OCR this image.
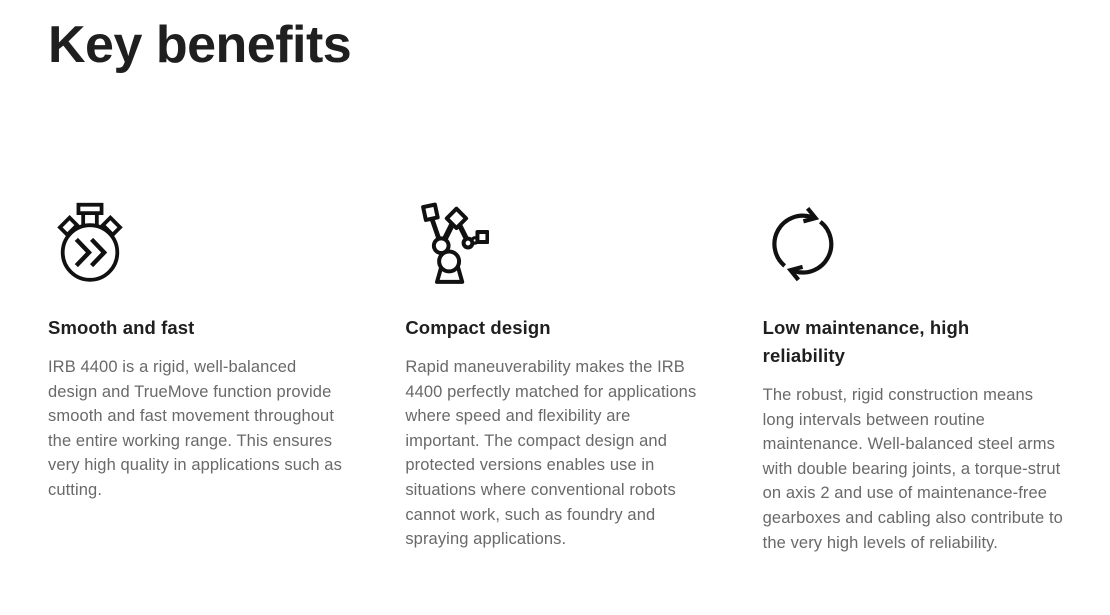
Key benefits
Smooth and fast

IRB 4400 is a rigid, well-balanced design and TrueMove function provide smooth and fast movement throughout the entire working range. This ensures very high quality in applications such as cutting.

Compact design

Rapid maneuverability makes the IRB 4400 perfectly matched for applications where speed and flexibility are important. The compact design and protected versions enables use in situations where conventional robots cannot work, such as foundry and spraying applications.

Low maintenance, high reliability

The robust, rigid construction means long intervals between routine maintenance. Well-balanced steel arms with double bearing joints, a torque-strut on axis 2 and use of maintenance-free gearboxes and cabling also contribute to the very high levels of reliability.
